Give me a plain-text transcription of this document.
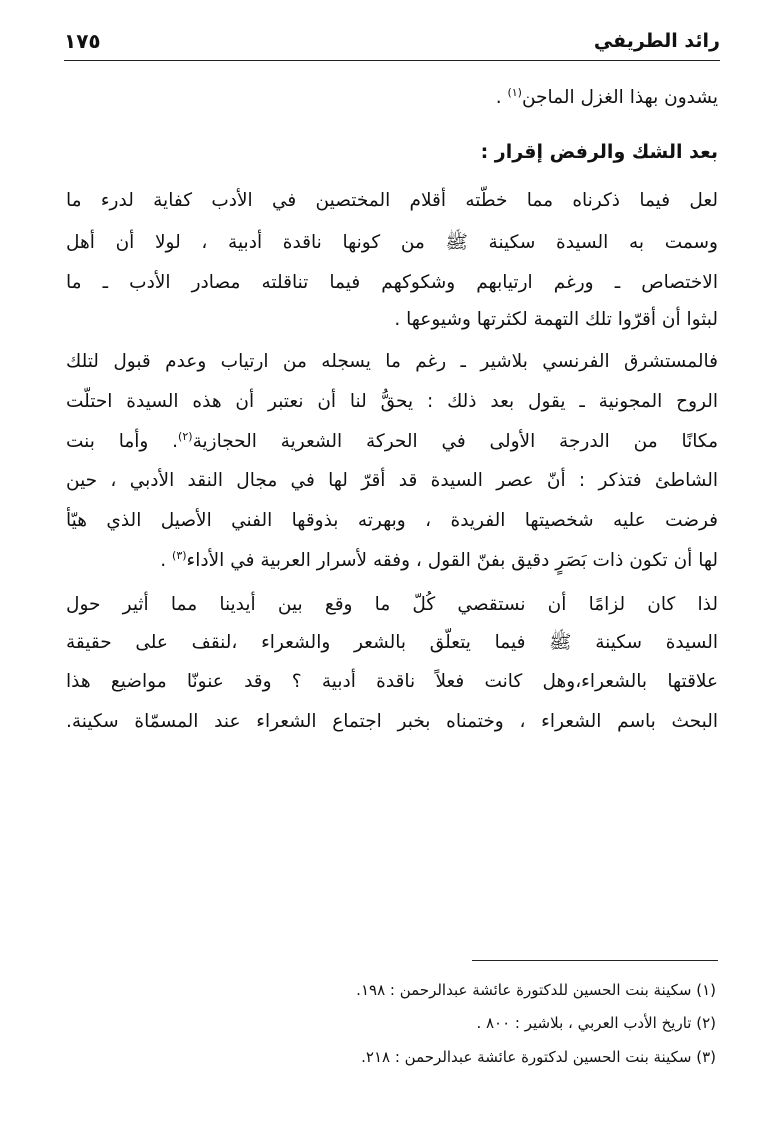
رائد الطريفي
١٧٥
يشدون بهذا الغزل الماجن$^{(١)}$ .
بعد الشك والرفض إقرار :
لعل فيما ذكرناه مما خطّته أقلام المختصين في الأدب كفاية لدرء ما
وسمت به السيدة سكينة ﷺ من كونها ناقدة أدبية ، لولا أن أهل
الاختصاص ـ ورغم ارتيابهم وشكوكهم فيما تناقلته مصادر الأدب ـ ما
لبثوا أن أقرّوا تلك التهمة لكثرتها وشيوعها .
فالمستشرق الفرنسي بلاشير ـ رغم ما يسجله من ارتياب وعدم قبول لتلك
الروح المجونية ـ يقول بعد ذلك : يحقُّ لنا أن نعتبر أن هذه السيدة احتلّت
مكانًا من الدرجة الأولى في الحركة الشعرية الحجازية$^{(٢)}$. وأما بنت
الشاطئ فتذكر : أنّ عصر السيدة قد أقرّ لها في مجال النقد الأدبي ، حين
فرضت عليه شخصيتها الفريدة ، وبهرته بذوقها الفني الأصيل الذي هيّأ
لها أن تكون ذات بَصَرٍ دقيق بفنّ القول ، وفقه لأسرار العربية في الأداء$^{(٣)}$ .
لذا كان لزامًا أن نستقصي كُلّ ما وقع بين أيدينا مما أثير حول
السيدة سكينة ﷺ فيما يتعلّق بالشعر والشعراء ،لنقف على حقيقة
علاقتها بالشعراء،وهل كانت فعلاً ناقدة أدبية ؟ وقد عنونّا مواضيع هذا
البحث باسم الشعراء ، وختمناه بخبر اجتماع الشعراء عند المسمّاة سكينة.
(١) سكينة بنت الحسين للدكتورة عائشة عبدالرحمن : ١٩٨.
(٢) تاريخ الأدب العربي ، بلاشير : ٨٠٠ .
(٣) سكينة بنت الحسين لدكتورة عائشة عبدالرحمن : ٢١٨.
